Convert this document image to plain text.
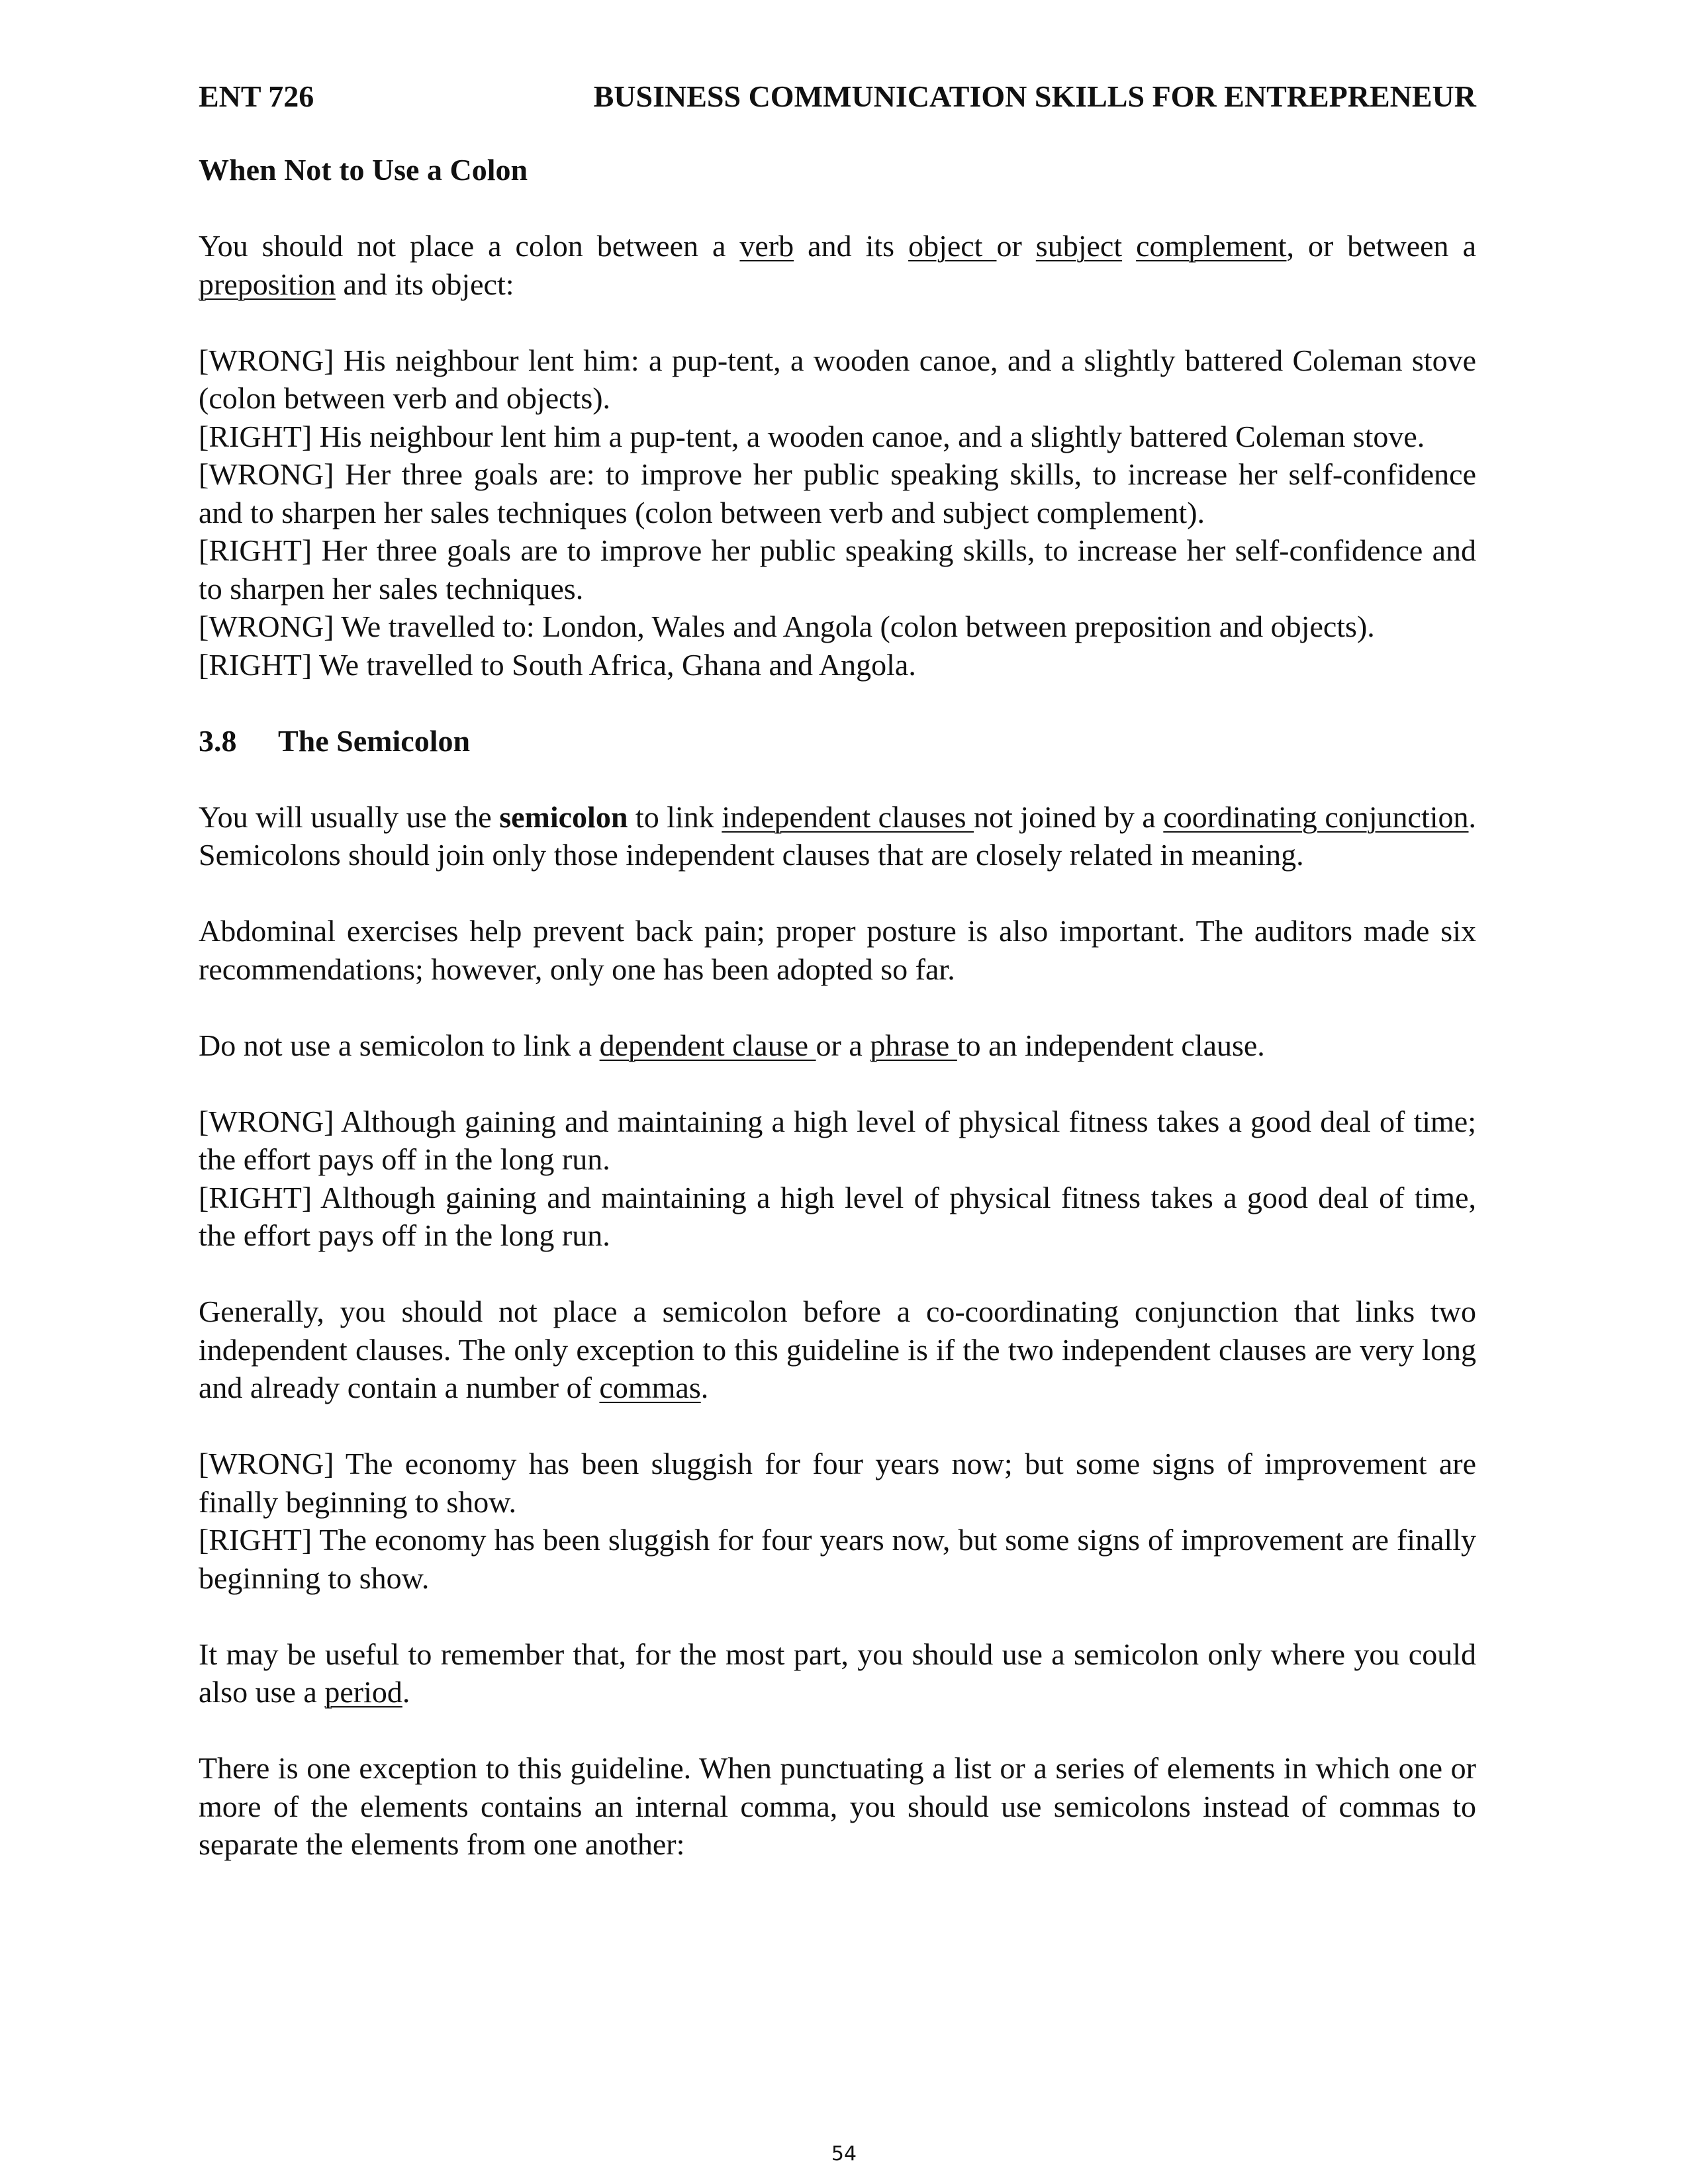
ENT 726	BUSINESS COMMUNICATION SKILLS FOR ENTREPRENEUR
When Not to Use a Colon

You should not place a colon between a verb and its object or subject complement, or between a preposition and its object:

[WRONG] His neighbour lent him: a pup-tent, a wooden canoe, and a slightly battered Coleman stove (colon between verb and objects).

[RIGHT] His neighbour lent him a pup-tent, a wooden canoe, and a slightly battered Coleman stove.

[WRONG] Her three goals are: to improve her public speaking skills, to increase her self-confidence and to sharpen her sales techniques (colon between verb and subject complement).

[RIGHT] Her three goals are to improve her public speaking skills, to increase her self-confidence and to sharpen her sales techniques.

[WRONG] We travelled to: London, Wales and Angola (colon between preposition and objects).

[RIGHT] We travelled to South Africa, Ghana and Angola.

3.8 The Semicolon

You will usually use the semicolon to link independent clauses not joined by a coordinating conjunction. Semicolons should join only those independent clauses that are closely related in meaning.

Abdominal exercises help prevent back pain; proper posture is also important. The auditors made six recommendations; however, only one has been adopted so far.

Do not use a semicolon to link a dependent clause or a phrase to an independent clause.

[WRONG] Although gaining and maintaining a high level of physical fitness takes a good deal of time; the effort pays off in the long run.

[RIGHT] Although gaining and maintaining a high level of physical fitness takes a good deal of time, the effort pays off in the long run.

Generally, you should not place a semicolon before a co-coordinating conjunction that links two independent clauses. The only exception to this guideline is if the two independent clauses are very long and already contain a number of commas.

[WRONG] The economy has been sluggish for four years now; but some signs of improvement are finally beginning to show.

[RIGHT] The economy has been sluggish for four years now, but some signs of improvement are finally beginning to show.

It may be useful to remember that, for the most part, you should use a semicolon only where you could also use a period.

There is one exception to this guideline. When punctuating a list or a series of elements in which one or more of the elements contains an internal comma, you should use semicolons instead of commas to separate the elements from one another:

54
